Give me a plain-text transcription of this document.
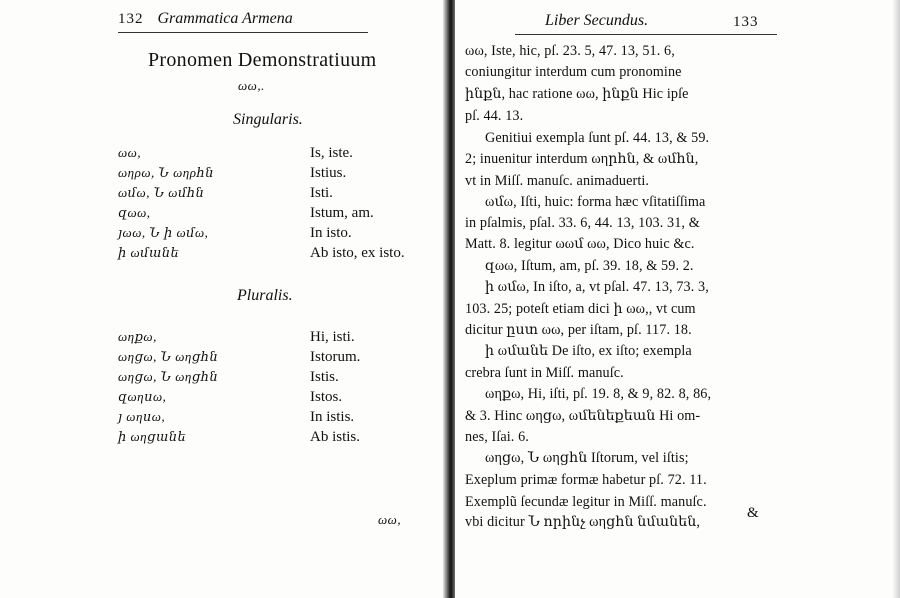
132 Grammatica Armena
Pronomen Demonstratiuum
ωω,.
Singularis.
ωω,	Is, iste.
ωηρω, Ն ωηρհն	Istius.
ωմω, Ն ωմհն	Isti.
զωω,	Istum, am.
յωω, Ն ի ωմω,	In isto.
ի ωմանե	Ab isto, ex isto.
Pluralis.
ωηքω,	Hi, isti.
ωηցω, Ն ωηցհն	Istorum.
ωηցω, Ն ωηցհն	Istis.
զωηսω,	Istos.
յ ωηսω,	In istis.
ի ωηցանե	Ab istis.
ωω,
Liber Secundus.	133
ωω, Iste, hic, pſ. 23. 5, 47. 13, 51. 6,
coniungitur interdum cum pronomine
ինքն, hac ratione ωω, ինքն Hic ipſe
pſ. 44. 13.
Genitiui exempla ſunt pſ. 44. 13, & 59.
2; inuenitur interdum ωηրհն, & ωմհն,
vt in Miſſ. manuſc. animaduerti.
ωմω, Iſti, huic: forma hæc vſitatiſſima
in pſalmis, pſal. 33. 6, 44. 13, 103. 31, &
Matt. 8. legitur ωωմ ωω, Dico huic &c.
զωω, Iſtum, am, pſ. 39. 18, & 59. 2.
ի ωմω, In iſto, a, vt pſal. 47. 13, 73. 3,
103. 25; poteſt etiam dici ի ωω,, vt cum
dicitur ըստ ωω, per iſtam, pſ. 117. 18.
ի ωմանե De iſto, ex iſto; exempla
crebra ſunt in Miſſ. manuſc.
ωηքω, Hi, iſti, pſ. 19. 8, & 9, 82. 8, 86,
& 3. Hinc ωηցω, ωմենեքեան Hi om-
nes, Iſai. 6.
ωηցω, Ն ωηցհն Iſtorum, vel iſtis;
Exeplum primæ formæ habetur pſ. 72. 11.
Exemplũ ſecundæ legitur in Miſſ. manuſc.
vbi dicitur Ն որինչ ωηցհն նմանեն,
&
